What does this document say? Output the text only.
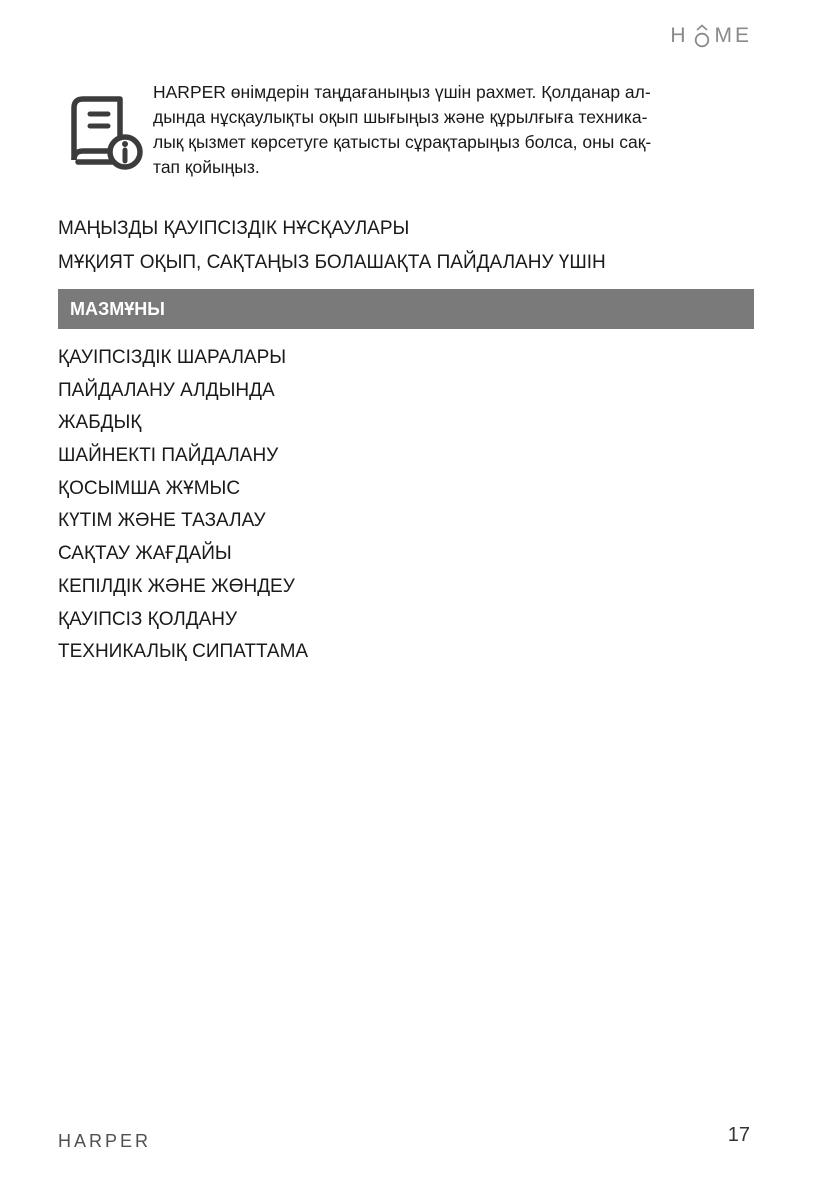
H ME
HARPER өнімдерін таңдағаныңыз үшін рахмет. Қолданар ал-
дында нұсқаулықты оқып шығыңыз және құрылғыға техника-
лық қызмет көрсетуге қатысты сұрақтарыңыз болса, оны сақ-
тап қойыңыз.
МАҢЫЗДЫ ҚАУІПСІЗДІК НҰСҚАУЛАРЫ
МҰҚИЯТ ОҚЫП, САҚТАҢЫЗ БОЛАШАҚТА ПАЙДАЛАНУ ҮШІН
МАЗМҰНЫ
ҚАУІПСІЗДІК ШАРАЛАРЫ
ПАЙДАЛАНУ АЛДЫНДА
ЖАБДЫҚ
ШАЙНЕКТІ ПАЙДАЛАНУ
ҚОСЫМША ЖҰМЫС
КҮТІМ ЖӘНЕ ТАЗАЛАУ
САҚТАУ ЖАҒДАЙЫ
КЕПІЛДІК ЖӘНЕ ЖӨНДЕУ
ҚАУІПСІЗ ҚОЛДАНУ
ТЕХНИКАЛЫҚ СИПАТТАМА
HARPER	17
